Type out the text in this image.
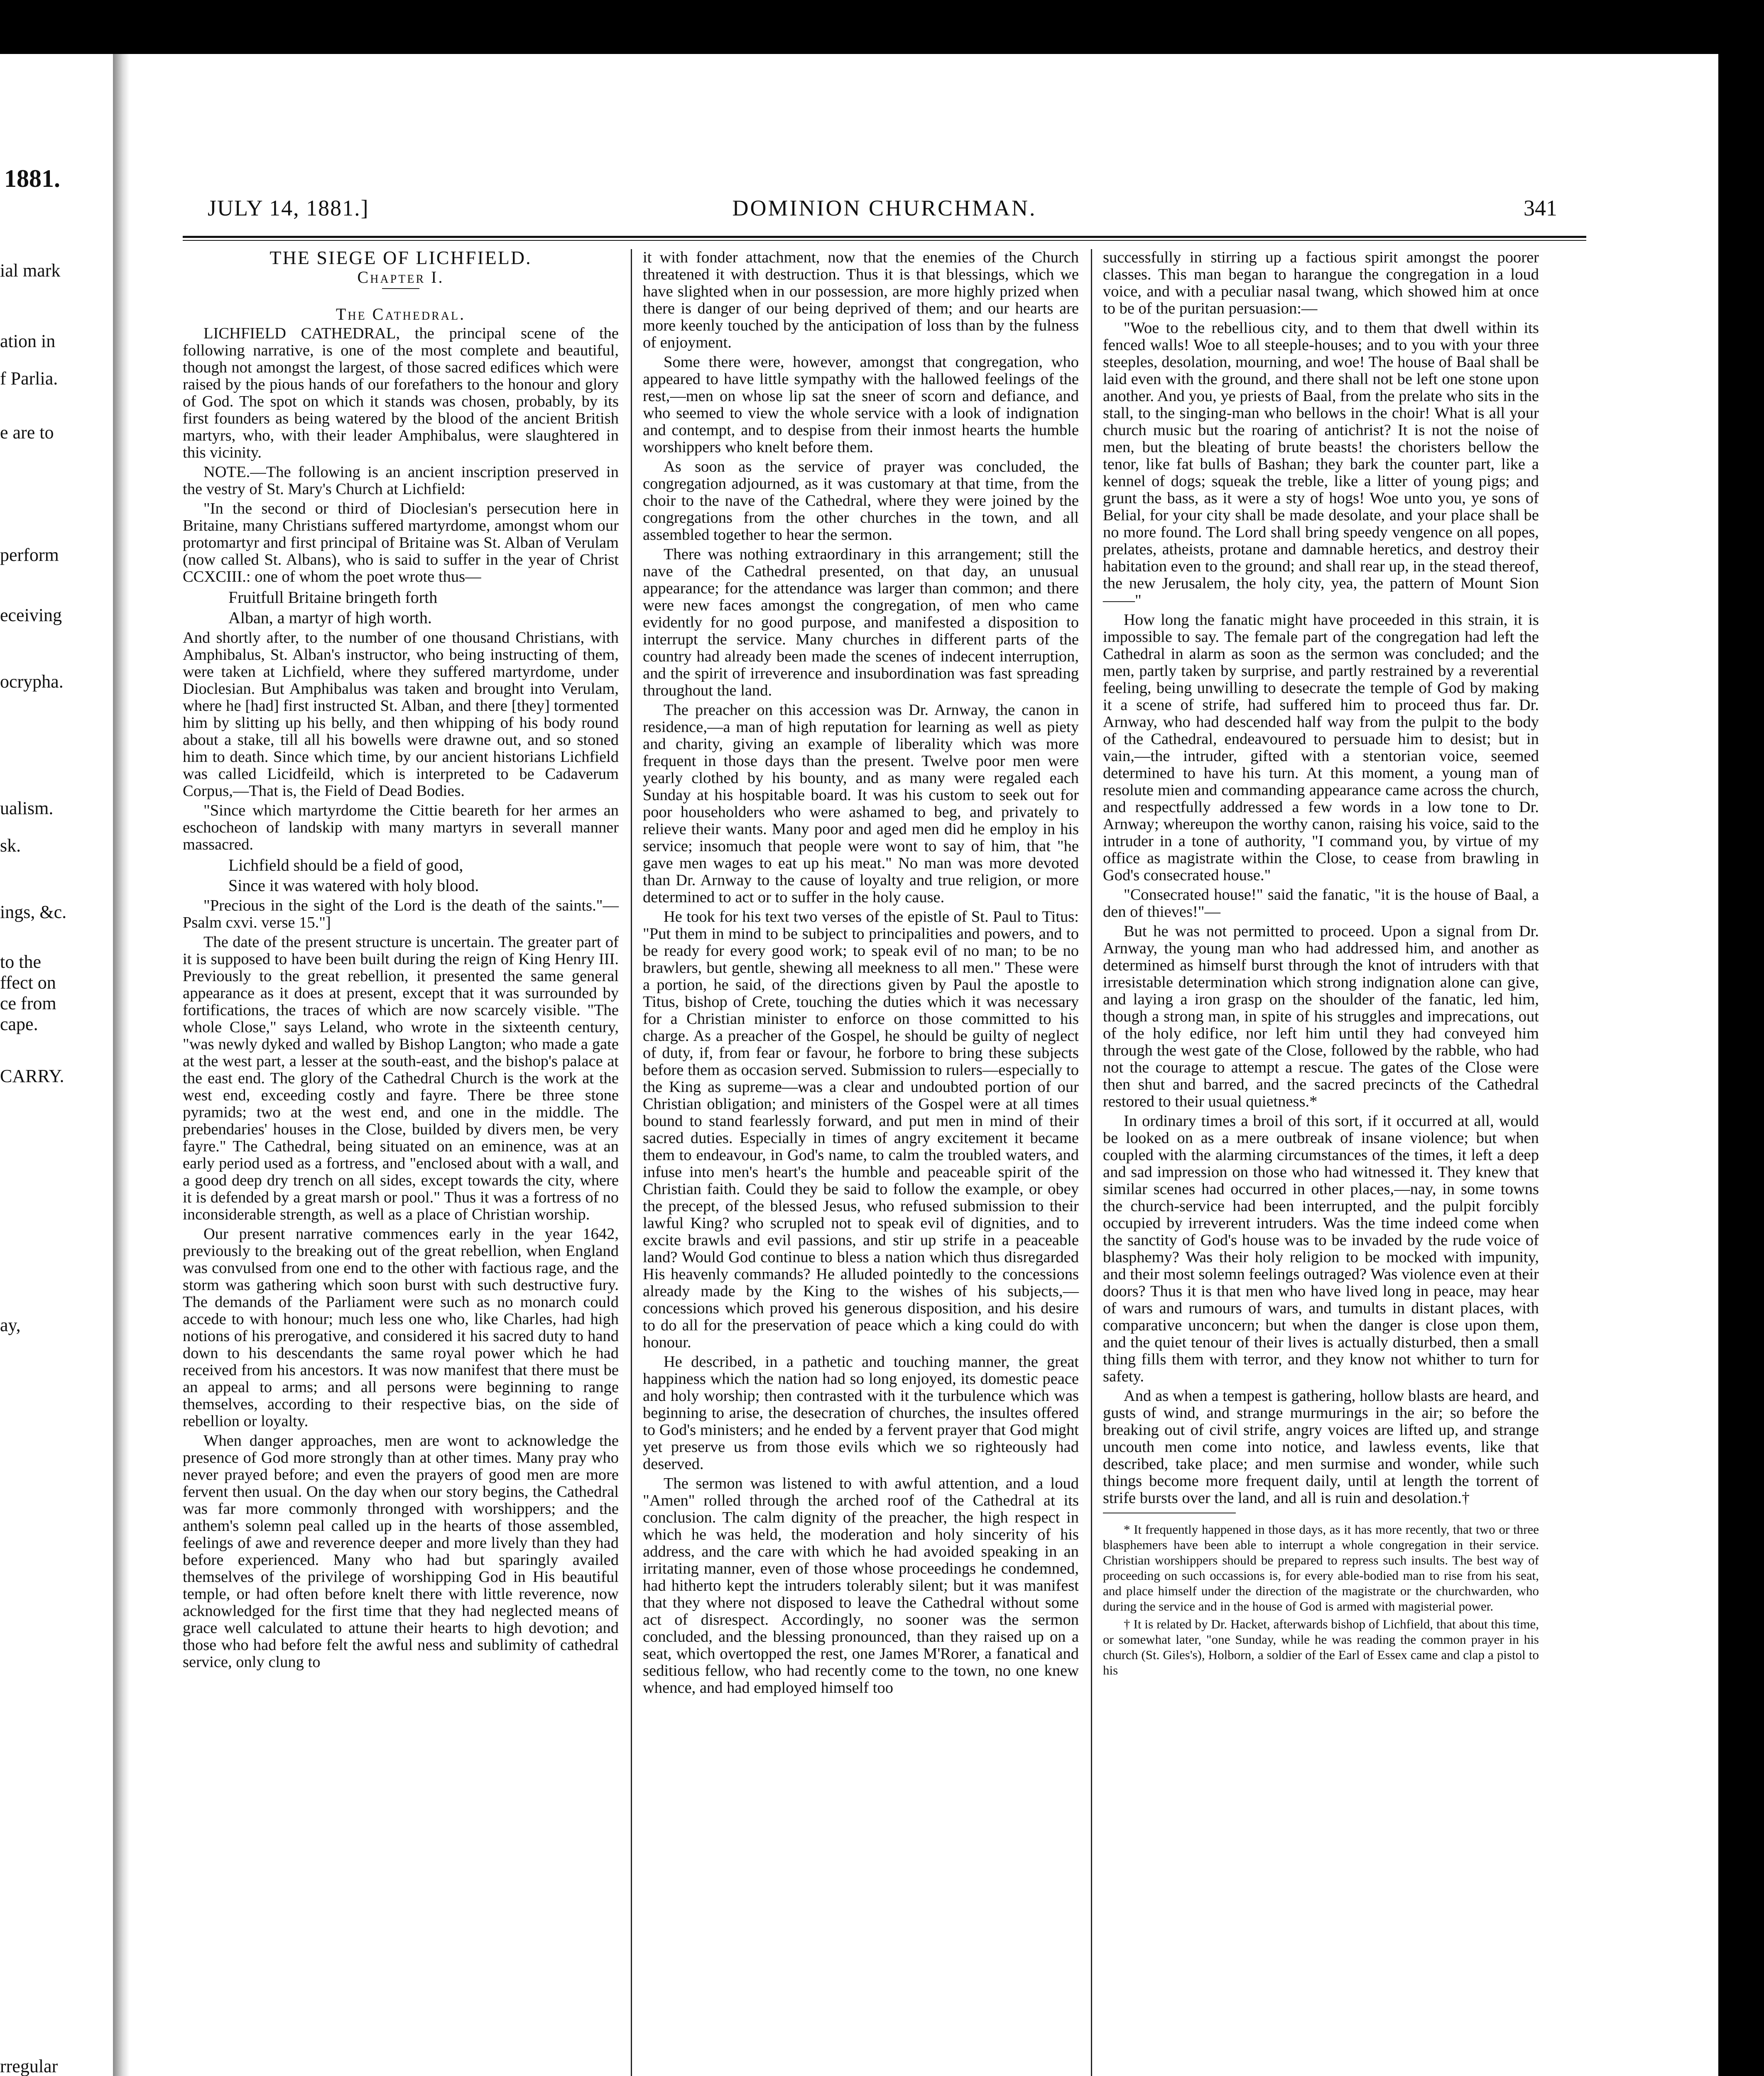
1881.
ial mark
ation in
f Parlia.
e are to
perform
eceiving
ocrypha.
ualism.
sk.
ings, &c.
to the
ffect on
ce from
cape.
CARRY.
ay,
rregular
JULY 14, 1881.]	DOMINION CHURCHMAN.	341

THE SIEGE OF LICHFIELD.

Chapter I.

The Cathedral.

LICHFIELD CATHEDRAL, the principal scene of the following narrative, is one of the most complete and beautiful, though not amongst the largest, of those sacred edifices which were raised by the pious hands of our forefathers to the honour and glory of God. The spot on which it stands was chosen, probably, by its first founders as being watered by the blood of the ancient British martyrs, who, with their leader Amphibalus, were slaughtered in this vicinity.

NOTE.—The following is an ancient inscription preserved in the vestry of St. Mary's Church at Lichfield:

"In the second or third of Dioclesian's persecution here in Britaine, many Christians suffered martyrdome, amongst whom our protomartyr and first principal of Britaine was St. Alban of Verulam (now called St. Albans), who is said to suffer in the year of Christ CCXCIII.: one of whom the poet wrote thus—

Fruitfull Britaine bringeth forth

Alban, a martyr of high worth.

And shortly after, to the number of one thousand Christians, with Amphibalus, St. Alban's instructor, who being instructing of them, were taken at Lichfield, where they suffered martyrdome, under Dioclesian. But Amphibalus was taken and brought into Verulam, where he [had] first instructed St. Alban, and there [they] tormented him by slitting up his belly, and then whipping of his body round about a stake, till all his bowells were drawne out, and so stoned him to death. Since which time, by our ancient historians Lichfield was called Licidfeild, which is interpreted to be Cadaverum Corpus,—That is, the Field of Dead Bodies.

"Since which martyrdome the Cittie beareth for her armes an eschocheon of landskip with many martyrs in severall manner massacred.

Lichfield should be a field of good,

Since it was watered with holy blood.

"Precious in the sight of the Lord is the death of the saints."—Psalm cxvi. verse 15."]

The date of the present structure is uncertain. The greater part of it is supposed to have been built during the reign of King Henry III. Previously to the great rebellion, it presented the same general appearance as it does at present, except that it was surrounded by fortifications, the traces of which are now scarcely visible. "The whole Close," says Leland, who wrote in the sixteenth century, "was newly dyked and walled by Bishop Langton; who made a gate at the west part, a lesser at the south-east, and the bishop's palace at the east end. The glory of the Cathedral Church is the work at the west end, exceeding costly and fayre. There be three stone pyramids; two at the west end, and one in the middle. The prebendaries' houses in the Close, builded by divers men, be very fayre." The Cathedral, being situated on an eminence, was at an early period used as a fortress, and "enclosed about with a wall, and a good deep dry trench on all sides, except towards the city, where it is defended by a great marsh or pool." Thus it was a fortress of no inconsiderable strength, as well as a place of Christian worship.

Our present narrative commences early in the year 1642, previously to the breaking out of the great rebellion, when England was convulsed from one end to the other with factious rage, and the storm was gathering which soon burst with such destructive fury. The demands of the Parliament were such as no monarch could accede to with honour; much less one who, like Charles, had high notions of his prerogative, and considered it his sacred duty to hand down to his descendants the same royal power which he had received from his ancestors. It was now manifest that there must be an appeal to arms; and all persons were beginning to range themselves, according to their respective bias, on the side of rebellion or loyalty.

When danger approaches, men are wont to acknowledge the presence of God more strongly than at other times. Many pray who never prayed before; and even the prayers of good men are more fervent then usual. On the day when our story begins, the Cathedral was far more commonly thronged with worshippers; and the anthem's solemn peal called up in the hearts of those assembled, feelings of awe and reverence deeper and more lively than they had before experienced. Many who had but sparingly availed themselves of the privilege of worshipping God in His beautiful temple, or had often before knelt there with little reverence, now acknowledged for the first time that they had neglected means of grace well calculated to attune their hearts to high devotion; and those who had before felt the awful ness and sublimity of cathedral service, only clung to

it with fonder attachment, now that the enemies of the Church threatened it with destruction. Thus it is that blessings, which we have slighted when in our possession, are more highly prized when there is danger of our being deprived of them; and our hearts are more keenly touched by the anticipation of loss than by the fulness of enjoyment.

Some there were, however, amongst that congregation, who appeared to have little sympathy with the hallowed feelings of the rest,—men on whose lip sat the sneer of scorn and defiance, and who seemed to view the whole service with a look of indignation and contempt, and to despise from their inmost hearts the humble worshippers who knelt before them.

As soon as the service of prayer was concluded, the congregation adjourned, as it was customary at that time, from the choir to the nave of the Cathedral, where they were joined by the congregations from the other churches in the town, and all assembled together to hear the sermon.

There was nothing extraordinary in this arrangement; still the nave of the Cathedral presented, on that day, an unusual appearance; for the attendance was larger than common; and there were new faces amongst the congregation, of men who came evidently for no good purpose, and manifested a disposition to interrupt the service. Many churches in different parts of the country had already been made the scenes of indecent interruption, and the spirit of irreverence and insubordination was fast spreading throughout the land.

The preacher on this accession was Dr. Arnway, the canon in residence,—a man of high reputation for learning as well as piety and charity, giving an example of liberality which was more frequent in those days than the present. Twelve poor men were yearly clothed by his bounty, and as many were regaled each Sunday at his hospitable board. It was his custom to seek out for poor householders who were ashamed to beg, and privately to relieve their wants. Many poor and aged men did he employ in his service; insomuch that people were wont to say of him, that "he gave men wages to eat up his meat." No man was more devoted than Dr. Arnway to the cause of loyalty and true religion, or more determined to act or to suffer in the holy cause.

He took for his text two verses of the epistle of St. Paul to Titus: "Put them in mind to be subject to principalities and powers, and to be ready for every good work; to speak evil of no man; to be no brawlers, but gentle, shewing all meekness to all men." These were a portion, he said, of the directions given by Paul the apostle to Titus, bishop of Crete, touching the duties which it was necessary for a Christian minister to enforce on those committed to his charge. As a preacher of the Gospel, he should be guilty of neglect of duty, if, from fear or favour, he forbore to bring these subjects before them as occasion served. Submission to rulers—especially to the King as supreme—was a clear and undoubted portion of our Christian obligation; and ministers of the Gospel were at all times bound to stand fearlessly forward, and put men in mind of their sacred duties. Especially in times of angry excitement it became them to endeavour, in God's name, to calm the troubled waters, and infuse into men's heart's the humble and peaceable spirit of the Christian faith. Could they be said to follow the example, or obey the precept, of the blessed Jesus, who refused submission to their lawful King? who scrupled not to speak evil of dignities, and to excite brawls and evil passions, and stir up strife in a peaceable land? Would God continue to bless a nation which thus disregarded His heavenly commands? He alluded pointedly to the concessions already made by the King to the wishes of his subjects,—concessions which proved his generous disposition, and his desire to do all for the preservation of peace which a king could do with honour.

He described, in a pathetic and touching manner, the great happiness which the nation had so long enjoyed, its domestic peace and holy worship; then contrasted with it the turbulence which was beginning to arise, the desecration of churches, the insultes offered to God's ministers; and he ended by a fervent prayer that God might yet preserve us from those evils which we so righteously had deserved.

The sermon was listened to with awful attention, and a loud "Amen" rolled through the arched roof of the Cathedral at its conclusion. The calm dignity of the preacher, the high respect in which he was held, the moderation and holy sincerity of his address, and the care with which he had avoided speaking in an irritating manner, even of those whose proceedings he condemned, had hitherto kept the intruders tolerably silent; but it was manifest that they where not disposed to leave the Cathedral without some act of disrespect. Accordingly, no sooner was the sermon concluded, and the blessing pronounced, than they raised up on a seat, which overtopped the rest, one James M'Rorer, a fanatical and seditious fellow, who had recently come to the town, no one knew whence, and had employed himself too

successfully in stirring up a factious spirit amongst the poorer classes. This man began to harangue the congregation in a loud voice, and with a peculiar nasal twang, which showed him at once to be of the puritan persuasion:—

"Woe to the rebellious city, and to them that dwell within its fenced walls! Woe to all steeple-houses; and to you with your three steeples, desolation, mourning, and woe! The house of Baal shall be laid even with the ground, and there shall not be left one stone upon another. And you, ye priests of Baal, from the prelate who sits in the stall, to the singing-man who bellows in the choir! What is all your church music but the roaring of antichrist? It is not the noise of men, but the bleating of brute beasts! the choristers bellow the tenor, like fat bulls of Bashan; they bark the counter part, like a kennel of dogs; squeak the treble, like a litter of young pigs; and grunt the bass, as it were a sty of hogs! Woe unto you, ye sons of Belial, for your city shall be made desolate, and your place shall be no more found. The Lord shall bring speedy vengence on all popes, prelates, atheists, protane and damnable heretics, and destroy their habitation even to the ground; and shall rear up, in the stead thereof, the new Jerusalem, the holy city, yea, the pattern of Mount Sion ——"

How long the fanatic might have proceeded in this strain, it is impossible to say. The female part of the congregation had left the Cathedral in alarm as soon as the sermon was concluded; and the men, partly taken by surprise, and partly restrained by a reverential feeling, being unwilling to desecrate the temple of God by making it a scene of strife, had suffered him to proceed thus far. Dr. Arnway, who had descended half way from the pulpit to the body of the Cathedral, endeavoured to persuade him to desist; but in vain,—the intruder, gifted with a stentorian voice, seemed determined to have his turn. At this moment, a young man of resolute mien and commanding appearance came across the church, and respectfully addressed a few words in a low tone to Dr. Arnway; whereupon the worthy canon, raising his voice, said to the intruder in a tone of authority, "I command you, by virtue of my office as magistrate within the Close, to cease from brawling in God's consecrated house."

"Consecrated house!" said the fanatic, "it is the house of Baal, a den of thieves!"—

But he was not permitted to proceed. Upon a signal from Dr. Arnway, the young man who had addressed him, and another as determined as himself burst through the knot of intruders with that irresistable determination which strong indignation alone can give, and laying a iron grasp on the shoulder of the fanatic, led him, though a strong man, in spite of his struggles and imprecations, out of the holy edifice, nor left him until they had conveyed him through the west gate of the Close, followed by the rabble, who had not the courage to attempt a rescue. The gates of the Close were then shut and barred, and the sacred precincts of the Cathedral restored to their usual quietness.*

In ordinary times a broil of this sort, if it occurred at all, would be looked on as a mere outbreak of insane violence; but when coupled with the alarming circumstances of the times, it left a deep and sad impression on those who had witnessed it. They knew that similar scenes had occurred in other places,—nay, in some towns the church-service had been interrupted, and the pulpit forcibly occupied by irreverent intruders. Was the time indeed come when the sanctity of God's house was to be invaded by the rude voice of blasphemy? Was their holy religion to be mocked with impunity, and their most solemn feelings outraged? Was violence even at their doors? Thus it is that men who have lived long in peace, may hear of wars and rumours of wars, and tumults in distant places, with comparative unconcern; but when the danger is close upon them, and the quiet tenour of their lives is actually disturbed, then a small thing fills them with terror, and they know not whither to turn for safety.

And as when a tempest is gathering, hollow blasts are heard, and gusts of wind, and strange murmurings in the air; so before the breaking out of civil strife, angry voices are lifted up, and strange uncouth men come into notice, and lawless events, like that described, take place; and men surmise and wonder, while such things become more frequent daily, until at length the torrent of strife bursts over the land, and all is ruin and desolation.†

* It frequently happened in those days, as it has more recently, that two or three blasphemers have been able to interrupt a whole congregation in their service. Christian worshippers should be prepared to repress such insults. The best way of proceeding on such occassions is, for every able-bodied man to rise from his seat, and place himself under the direction of the magistrate or the churchwarden, who during the service and in the house of God is armed with magisterial power.

† It is related by Dr. Hacket, afterwards bishop of Lichfield, that about this time, or somewhat later, "one Sunday, while he was reading the common prayer in his church (St. Giles's), Holborn, a soldier of the Earl of Essex came and clap a pistol to his
